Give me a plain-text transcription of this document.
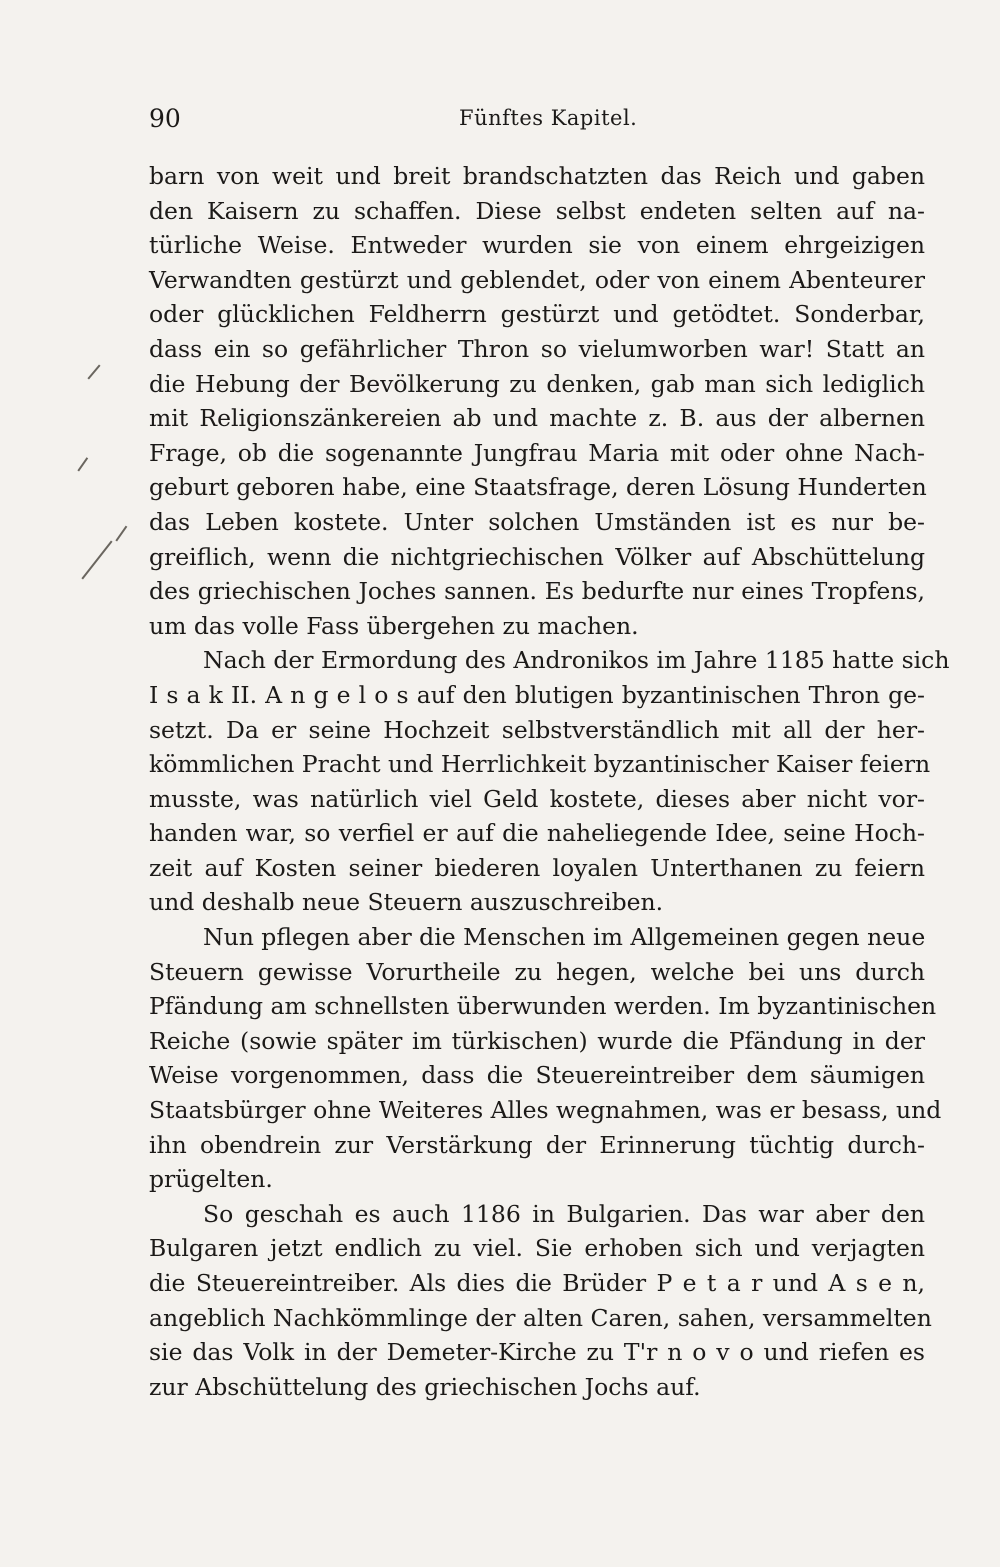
90	Fünftes Kapitel.
barn von weit und breit brandschatzten das Reich und gaben
den Kaisern zu schaffen. Diese selbst endeten selten auf na-
türliche Weise. Entweder wurden sie von einem ehrgeizigen
Verwandten gestürzt und geblendet, oder von einem Abenteurer
oder glücklichen Feldherrn gestürzt und getödtet. Sonderbar,
dass ein so gefährlicher Thron so vielumworben war! Statt an
die Hebung der Bevölkerung zu denken, gab man sich lediglich
mit Religionszänkereien ab und machte z. B. aus der albernen
Frage, ob die sogenannte Jungfrau Maria mit oder ohne Nach-
geburt geboren habe, eine Staatsfrage, deren Lösung Hunderten
das Leben kostete. Unter solchen Umständen ist es nur be-
greiflich, wenn die nichtgriechischen Völker auf Abschüttelung
des griechischen Joches sannen. Es bedurfte nur eines Tropfens,
um das volle Fass übergehen zu machen.
Nach der Ermordung des Andronikos im Jahre 1185 hatte sich
I s a k II. A n g e l o s auf den blutigen byzantinischen Thron ge-
setzt. Da er seine Hochzeit selbstverständlich mit all der her-
kömmlichen Pracht und Herrlichkeit byzantinischer Kaiser feiern
musste, was natürlich viel Geld kostete, dieses aber nicht vor-
handen war, so verfiel er auf die naheliegende Idee, seine Hoch-
zeit auf Kosten seiner biederen loyalen Unterthanen zu feiern
und deshalb neue Steuern auszuschreiben.
Nun pflegen aber die Menschen im Allgemeinen gegen neue
Steuern gewisse Vorurtheile zu hegen, welche bei uns durch
Pfändung am schnellsten überwunden werden. Im byzantinischen
Reiche (sowie später im türkischen) wurde die Pfändung in der
Weise vorgenommen, dass die Steuereintreiber dem säumigen
Staatsbürger ohne Weiteres Alles wegnahmen, was er besass, und
ihn obendrein zur Verstärkung der Erinnerung tüchtig durch-
prügelten.
So geschah es auch 1186 in Bulgarien. Das war aber den
Bulgaren jetzt endlich zu viel. Sie erhoben sich und verjagten
die Steuereintreiber. Als dies die Brüder P e t a r und A s e n,
angeblich Nachkömmlinge der alten Caren, sahen, versammelten
sie das Volk in der Demeter-Kirche zu T'r n o v o und riefen es
zur Abschüttelung des griechischen Jochs auf.
